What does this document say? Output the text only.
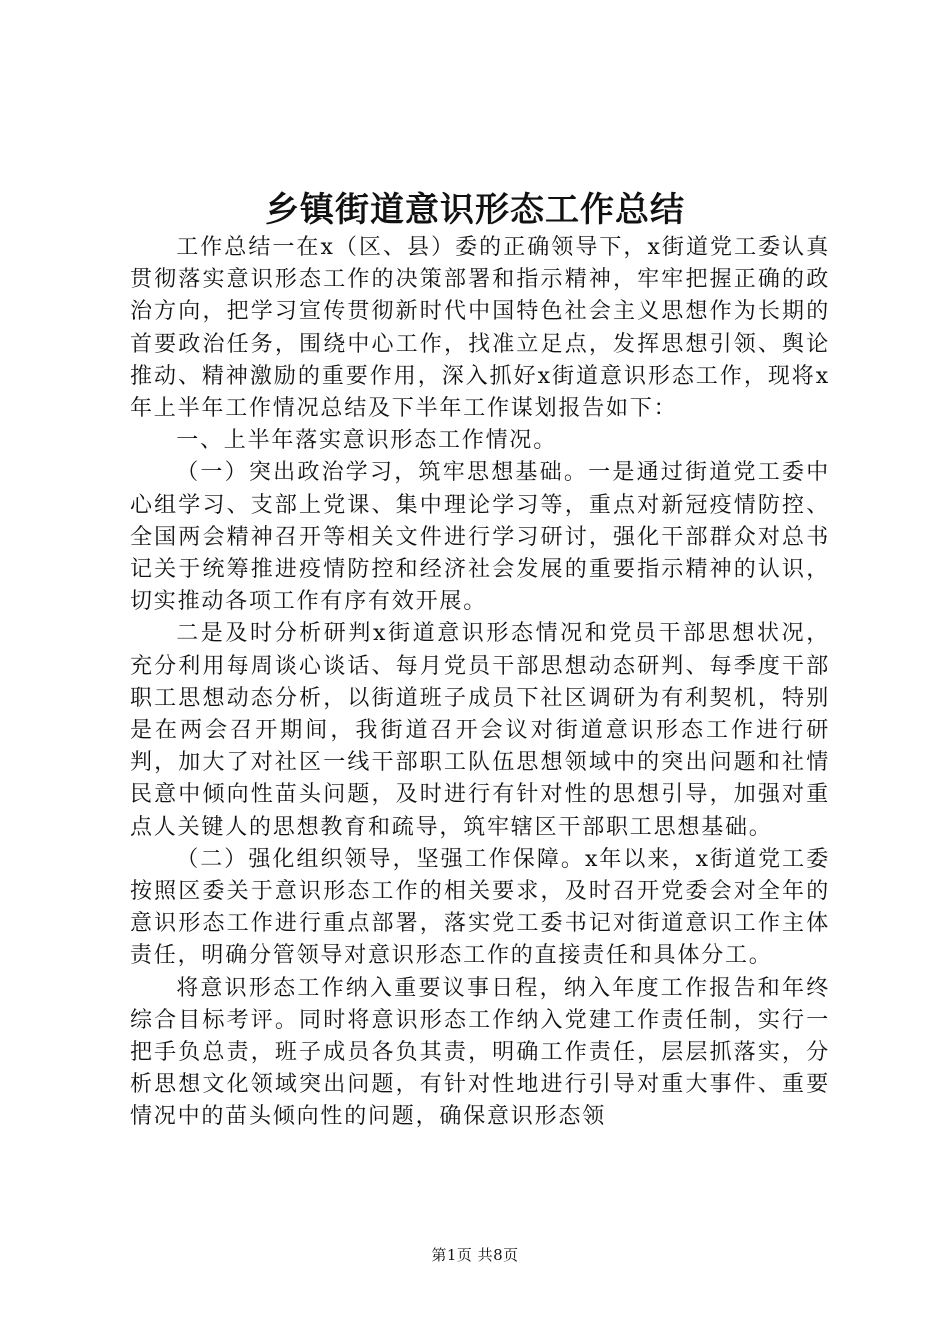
乡镇街道意识形态工作总结

工作总结一在x（区、县）委的正确领导下，x街道党工委认真贯彻落实意识形态工作的决策部署和指示精神，牢牢把握正确的政治方向，把学习宣传贯彻新时代中国特色社会主义思想作为长期的首要政治任务，围绕中心工作，找准立足点，发挥思想引领、舆论推动、精神激励的重要作用，深入抓好x街道意识形态工作，现将x年上半年工作情况总结及下半年工作谋划报告如下：

一、上半年落实意识形态工作情况。

（一）突出政治学习，筑牢思想基础。一是通过街道党工委中心组学习、支部上党课、集中理论学习等，重点对新冠疫情防控、全国两会精神召开等相关文件进行学习研讨，强化干部群众对总书记关于统筹推进疫情防控和经济社会发展的重要指示精神的认识，切实推动各项工作有序有效开展。

二是及时分析研判x街道意识形态情况和党员干部思想状况，充分利用每周谈心谈话、每月党员干部思想动态研判、每季度干部职工思想动态分析，以街道班子成员下社区调研为有利契机，特别是在两会召开期间，我街道召开会议对街道意识形态工作进行研判，加大了对社区一线干部职工队伍思想领域中的突出问题和社情民意中倾向性苗头问题，及时进行有针对性的思想引导，加强对重点人关键人的思想教育和疏导，筑牢辖区干部职工思想基础。

（二）强化组织领导，坚强工作保障。x年以来，x街道党工委按照区委关于意识形态工作的相关要求，及时召开党委会对全年的意识形态工作进行重点部署，落实党工委书记对街道意识工作主体责任，明确分管领导对意识形态工作的直接责任和具体分工。

将意识形态工作纳入重要议事日程，纳入年度工作报告和年终综合目标考评。同时将意识形态工作纳入党建工作责任制，实行一把手负总责，班子成员各负其责，明确工作责任，层层抓落实，分析思想文化领域突出问题，有针对性地进行引导对重大事件、重要情况中的苗头倾向性的问题，确保意识形态领

第1页 共8页
